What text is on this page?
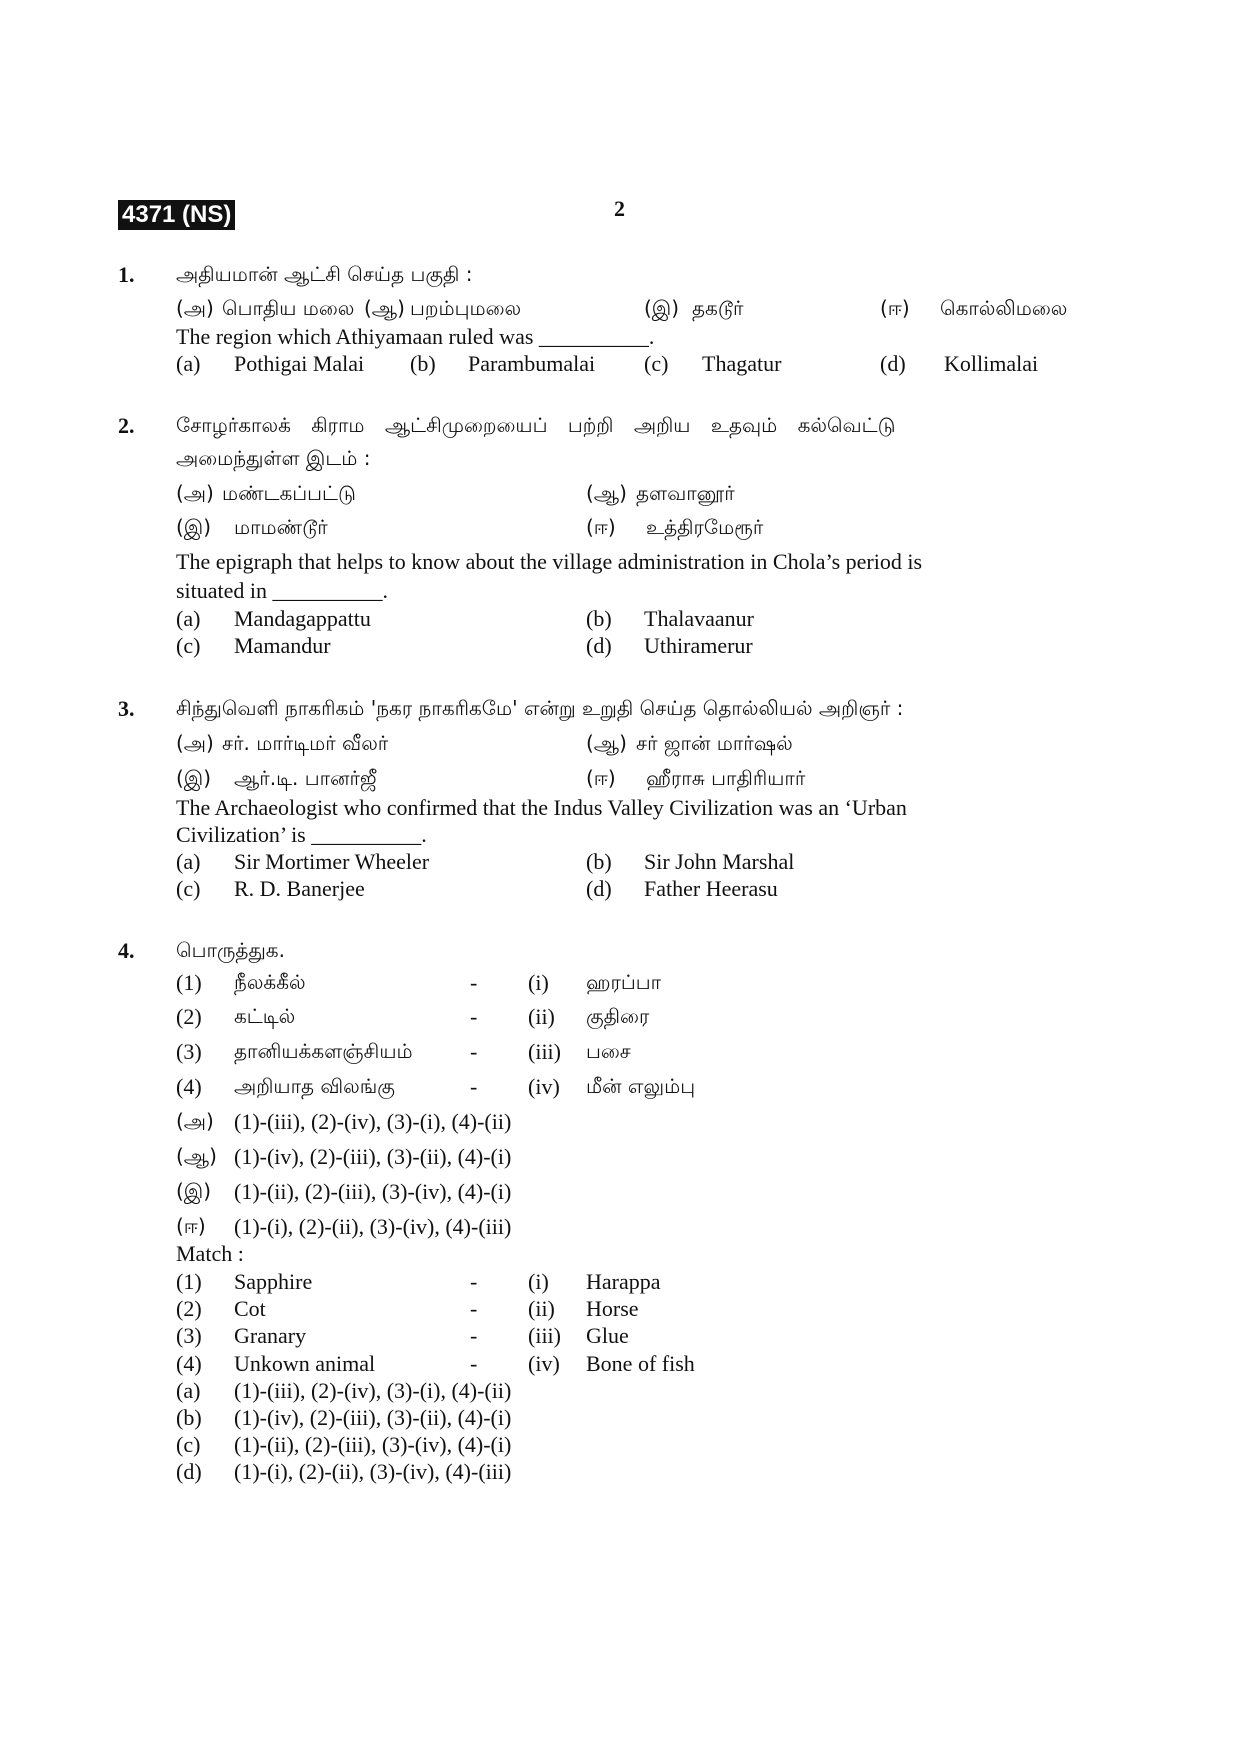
4371 (NS)	2
1. அதியமான் ஆட்சி செய்த பகுதி :
(அ) பொதிய மலை (ஆ) பறம்புமலை	(இ) தகடூர்	(ஈ) கொல்லிமலை
The region which Athiyamaan ruled was __________.
(a) Pothigai Malai (b) Parambumalai (c) Thagatur	(d) Kollimalai
2. சோழர்காலக் கிராம ஆட்சிமுறையைப் பற்றி அறிய உதவும் கல்வெட்டு
அமைந்துள்ள இடம் :
(அ) மண்டகப்பட்டு	(ஆ) தளவானூர்
(இ) மாமண்டூர்	(ஈ) உத்திரமேரூர்
The epigraph that helps to know about the village administration in Chola’s period is
situated in __________.
(a) Mandagappattu	(b) Thalavaanur
(c) Mamandur	(d) Uthiramerur
3. சிந்துவெளி நாகரிகம் 'நகர நாகரிகமே' என்று உறுதி செய்த தொல்லியல் அறிஞர் :
(அ) சர். மார்டிமர் வீலர்	(ஆ) சர் ஜான் மார்ஷல்
(இ) ஆர்.டி. பானர்ஜீ	(ஈ) ஹீராசு பாதிரியார்
The Archaeologist who confirmed that the Indus Valley Civilization was an ‘Urban
Civilization’ is __________.
(a) Sir Mortimer Wheeler	(b) Sir John Marshal
(c) R. D. Banerjee	(d) Father Heerasu
4. பொருத்துக.
(1) நீலக்கீல்	- (i) ஹரப்பா
(2) கட்டில்	- (ii) குதிரை
(3) தானியக்களஞ்சியம்	- (iii) பசை
(4) அறியாத விலங்கு	- (iv) மீன் எலும்பு
(அ) (1)-(iii), (2)-(iv), (3)-(i), (4)-(ii)
(ஆ) (1)-(iv), (2)-(iii), (3)-(ii), (4)-(i)
(இ) (1)-(ii), (2)-(iii), (3)-(iv), (4)-(i)
(ஈ) (1)-(i), (2)-(ii), (3)-(iv), (4)-(iii)
Match :
(1) Sapphire	- (i) Harappa
(2) Cot	- (ii) Horse
(3) Granary	- (iii) Glue
(4) Unkown animal	- (iv) Bone of fish
(a) (1)-(iii), (2)-(iv), (3)-(i), (4)-(ii)
(b) (1)-(iv), (2)-(iii), (3)-(ii), (4)-(i)
(c) (1)-(ii), (2)-(iii), (3)-(iv), (4)-(i)
(d) (1)-(i), (2)-(ii), (3)-(iv), (4)-(iii)
